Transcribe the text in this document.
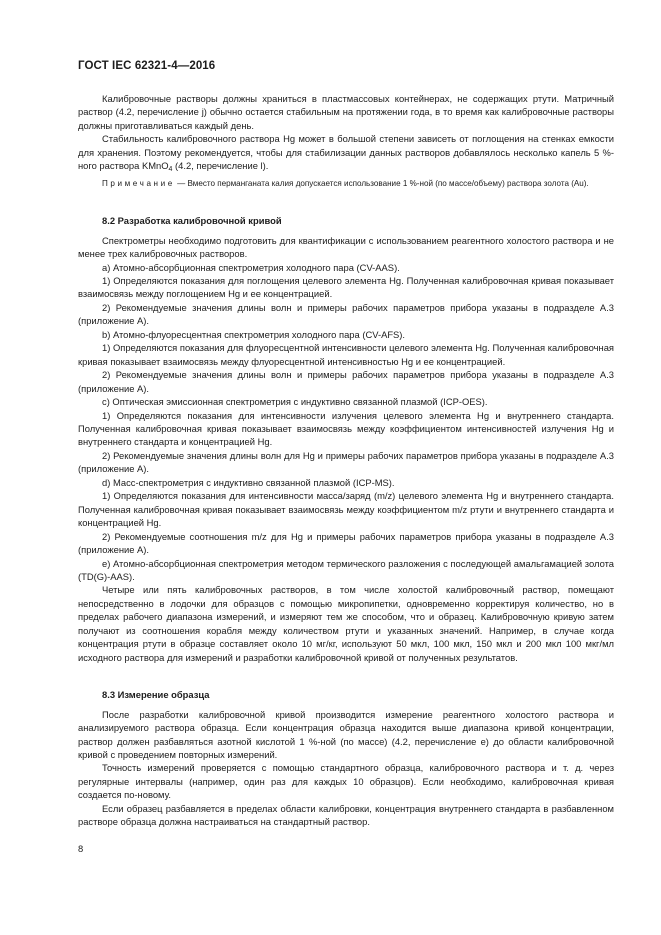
ГОСТ IEC 62321-4—2016

Калибровочные растворы должны храниться в пластмассовых контейнерах, не содержащих ртути. Матричный раствор (4.2, перечисление j) обычно остается стабильным на протяжении года, в то время как калибровочные растворы должны приготавливаться каждый день.

Стабильность калибровочного раствора Hg может в большой степени зависеть от поглощения на стенках емкости для хранения. Поэтому рекомендуется, чтобы для стабилизации данных растворов добавлялось несколько капель 5 %-ного раствора KMnO$_4$ (4.2, перечисление l).

Примечание — Вместо перманганата калия допускается использование 1 %-ной (по массе/объему) раствора золота (Au).

8.2 Разработка калибровочной кривой

Спектрометры необходимо подготовить для квантификации с использованием реагентного холостого раствора и не менее трех калибровочных растворов.

a) Атомно-абсорбционная спектрометрия холодного пара (CV-AAS).

1) Определяются показания для поглощения целевого элемента Hg. Полученная калибровочная кривая показывает взаимосвязь между поглощением Hg и ее концентрацией.

2) Рекомендуемые значения длины волн и примеры рабочих параметров прибора указаны в подразделе A.3 (приложение A).

b) Атомно-флуоресцентная спектрометрия холодного пара (CV-AFS).

1) Определяются показания для флуоресцентной интенсивности целевого элемента Hg. Полученная калибровочная кривая показывает взаимосвязь между флуоресцентной интенсивностью Hg и ее концентрацией.

2) Рекомендуемые значения длины волн и примеры рабочих параметров прибора указаны в подразделе A.3 (приложение A).

c) Оптическая эмиссионная спектрометрия с индуктивно связанной плазмой (ICP-OES).

1) Определяются показания для интенсивности излучения целевого элемента Hg и внутреннего стандарта. Полученная калибровочная кривая показывает взаимосвязь между коэффициентом интенсивностей излучения Hg и внутреннего стандарта и концентрацией Hg.

2) Рекомендуемые значения длины волн для Hg и примеры рабочих параметров прибора указаны в подразделе A.3 (приложение A).

d) Масс-спектрометрия с индуктивно связанной плазмой (ICP-MS).

1) Определяются показания для интенсивности масса/заряд (m/z) целевого элемента Hg и внутреннего стандарта. Полученная калибровочная кривая показывает взаимосвязь между коэффициентом m/z ртути и внутреннего стандарта и концентрацией Hg.

2) Рекомендуемые соотношения m/z для Hg и примеры рабочих параметров прибора указаны в подразделе A.3 (приложение A).

e) Атомно-абсорбционная спектрометрия методом термического разложения с последующей амальгамацией золота (TD(G)-AAS).

Четыре или пять калибровочных растворов, в том числе холостой калибровочный раствор, помещают непосредственно в лодочки для образцов с помощью микропипетки, одновременно корректируя количество, но в пределах рабочего диапазона измерений, и измеряют тем же способом, что и образец. Калибровочную кривую затем получают из соотношения корабля между количеством ртути и указанных значений. Например, в случае когда концентрация ртути в образце составляет около 10 мг/кг, используют 50 мкл, 100 мкл, 150 мкл и 200 мкл 100 мкг/мл исходного раствора для измерений и разработки калибровочной кривой от полученных результатов.

8.3 Измерение образца

После разработки калибровочной кривой производится измерение реагентного холостого раствора и анализируемого раствора образца. Если концентрация образца находится выше диапазона кривой концентрации, раствор должен разбавляться азотной кислотой 1 %-ной (по массе) (4.2, перечисление е) до области калибровочной кривой с проведением повторных измерений.

Точность измерений проверяется с помощью стандартного образца, калибровочного раствора и т. д. через регулярные интервалы (например, один раз для каждых 10 образцов). Если необходимо, калибровочная кривая создается по-новому.

Если образец разбавляется в пределах области калибровки, концентрация внутреннего стандарта в разбавленном растворе образца должна настраиваться на стандартный раствор.

8
